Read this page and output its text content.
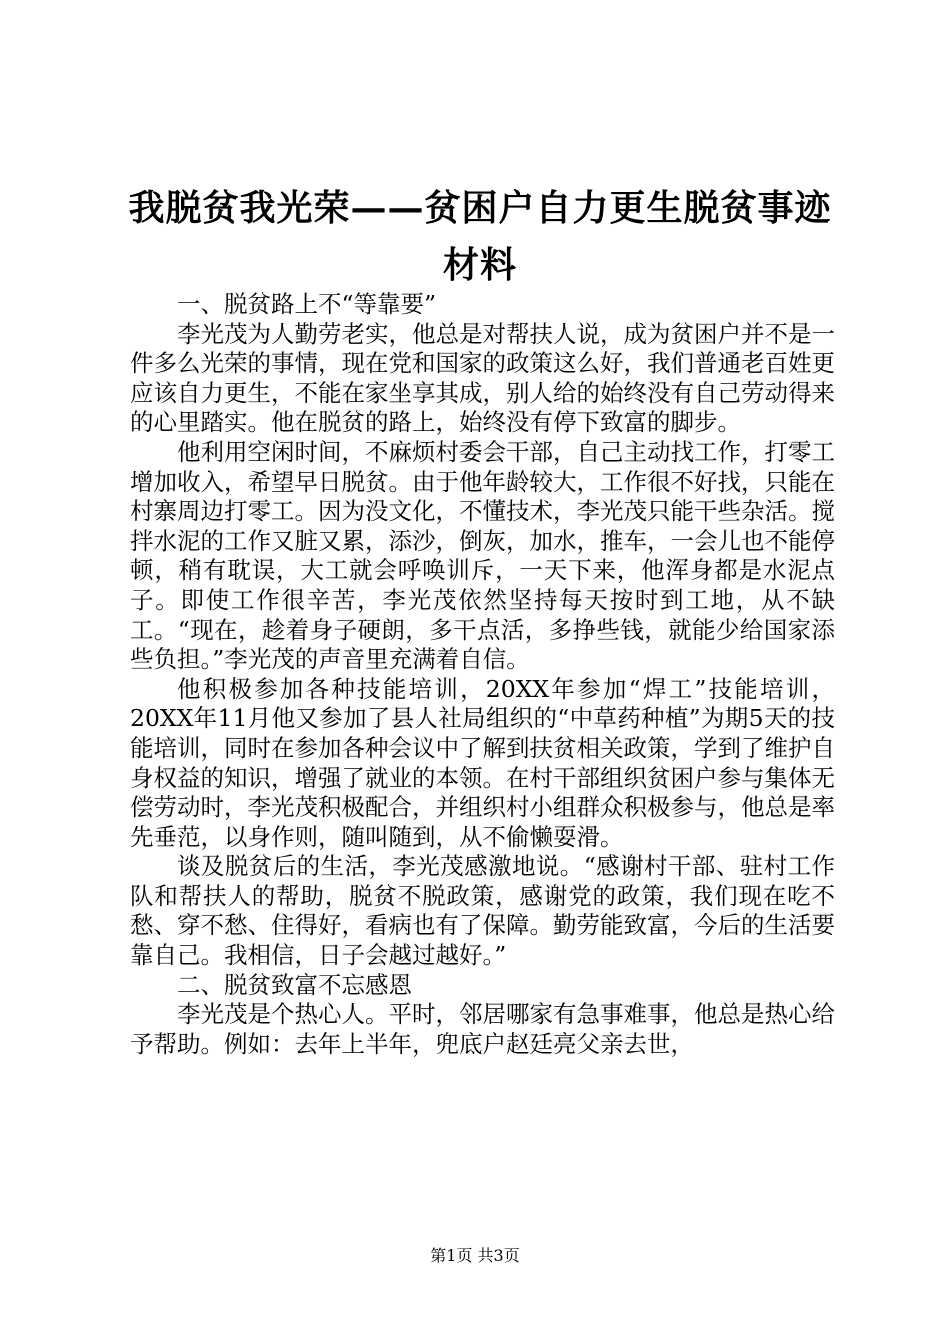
我脱贫我光荣——贫困户自力更生脱贫事迹材料

一、脱贫路上不“等靠要”

李光茂为人勤劳老实，他总是对帮扶人说，成为贫困户并不是一件多么光荣的事情，现在党和国家的政策这么好，我们普通老百姓更应该自力更生，不能在家坐享其成，别人给的始终没有自己劳动得来的心里踏实。他在脱贫的路上，始终没有停下致富的脚步。

他利用空闲时间，不麻烦村委会干部，自己主动找工作，打零工增加收入，希望早日脱贫。由于他年龄较大，工作很不好找，只能在村寨周边打零工。因为没文化，不懂技术，李光茂只能干些杂活。搅拌水泥的工作又脏又累，添沙，倒灰，加水，推车，一会儿也不能停顿，稍有耽误，大工就会呼唤训斥，一天下来，他浑身都是水泥点子。即使工作很辛苦，李光茂依然坚持每天按时到工地，从不缺工。“现在，趁着身子硬朗，多干点活，多挣些钱，就能少给国家添些负担。”李光茂的声音里充满着自信。

他积极参加各种技能培训，20XX年参加“焊工”技能培训，20XX年11月他又参加了县人社局组织的“中草药种植”为期5天的技能培训，同时在参加各种会议中了解到扶贫相关政策，学到了维护自身权益的知识，增强了就业的本领。在村干部组织贫困户参与集体无偿劳动时，李光茂积极配合，并组织村小组群众积极参与，他总是率先垂范，以身作则，随叫随到，从不偷懒耍滑。

谈及脱贫后的生活，李光茂感激地说。“感谢村干部、驻村工作队和帮扶人的帮助，脱贫不脱政策，感谢党的政策，我们现在吃不愁、穿不愁、住得好，看病也有了保障。勤劳能致富，今后的生活要靠自己。我相信，日子会越过越好。”

二、脱贫致富不忘感恩

李光茂是个热心人。平时，邻居哪家有急事难事，他总是热心给予帮助。例如：去年上半年，兜底户赵廷亮父亲去世，

第1页 共3页
